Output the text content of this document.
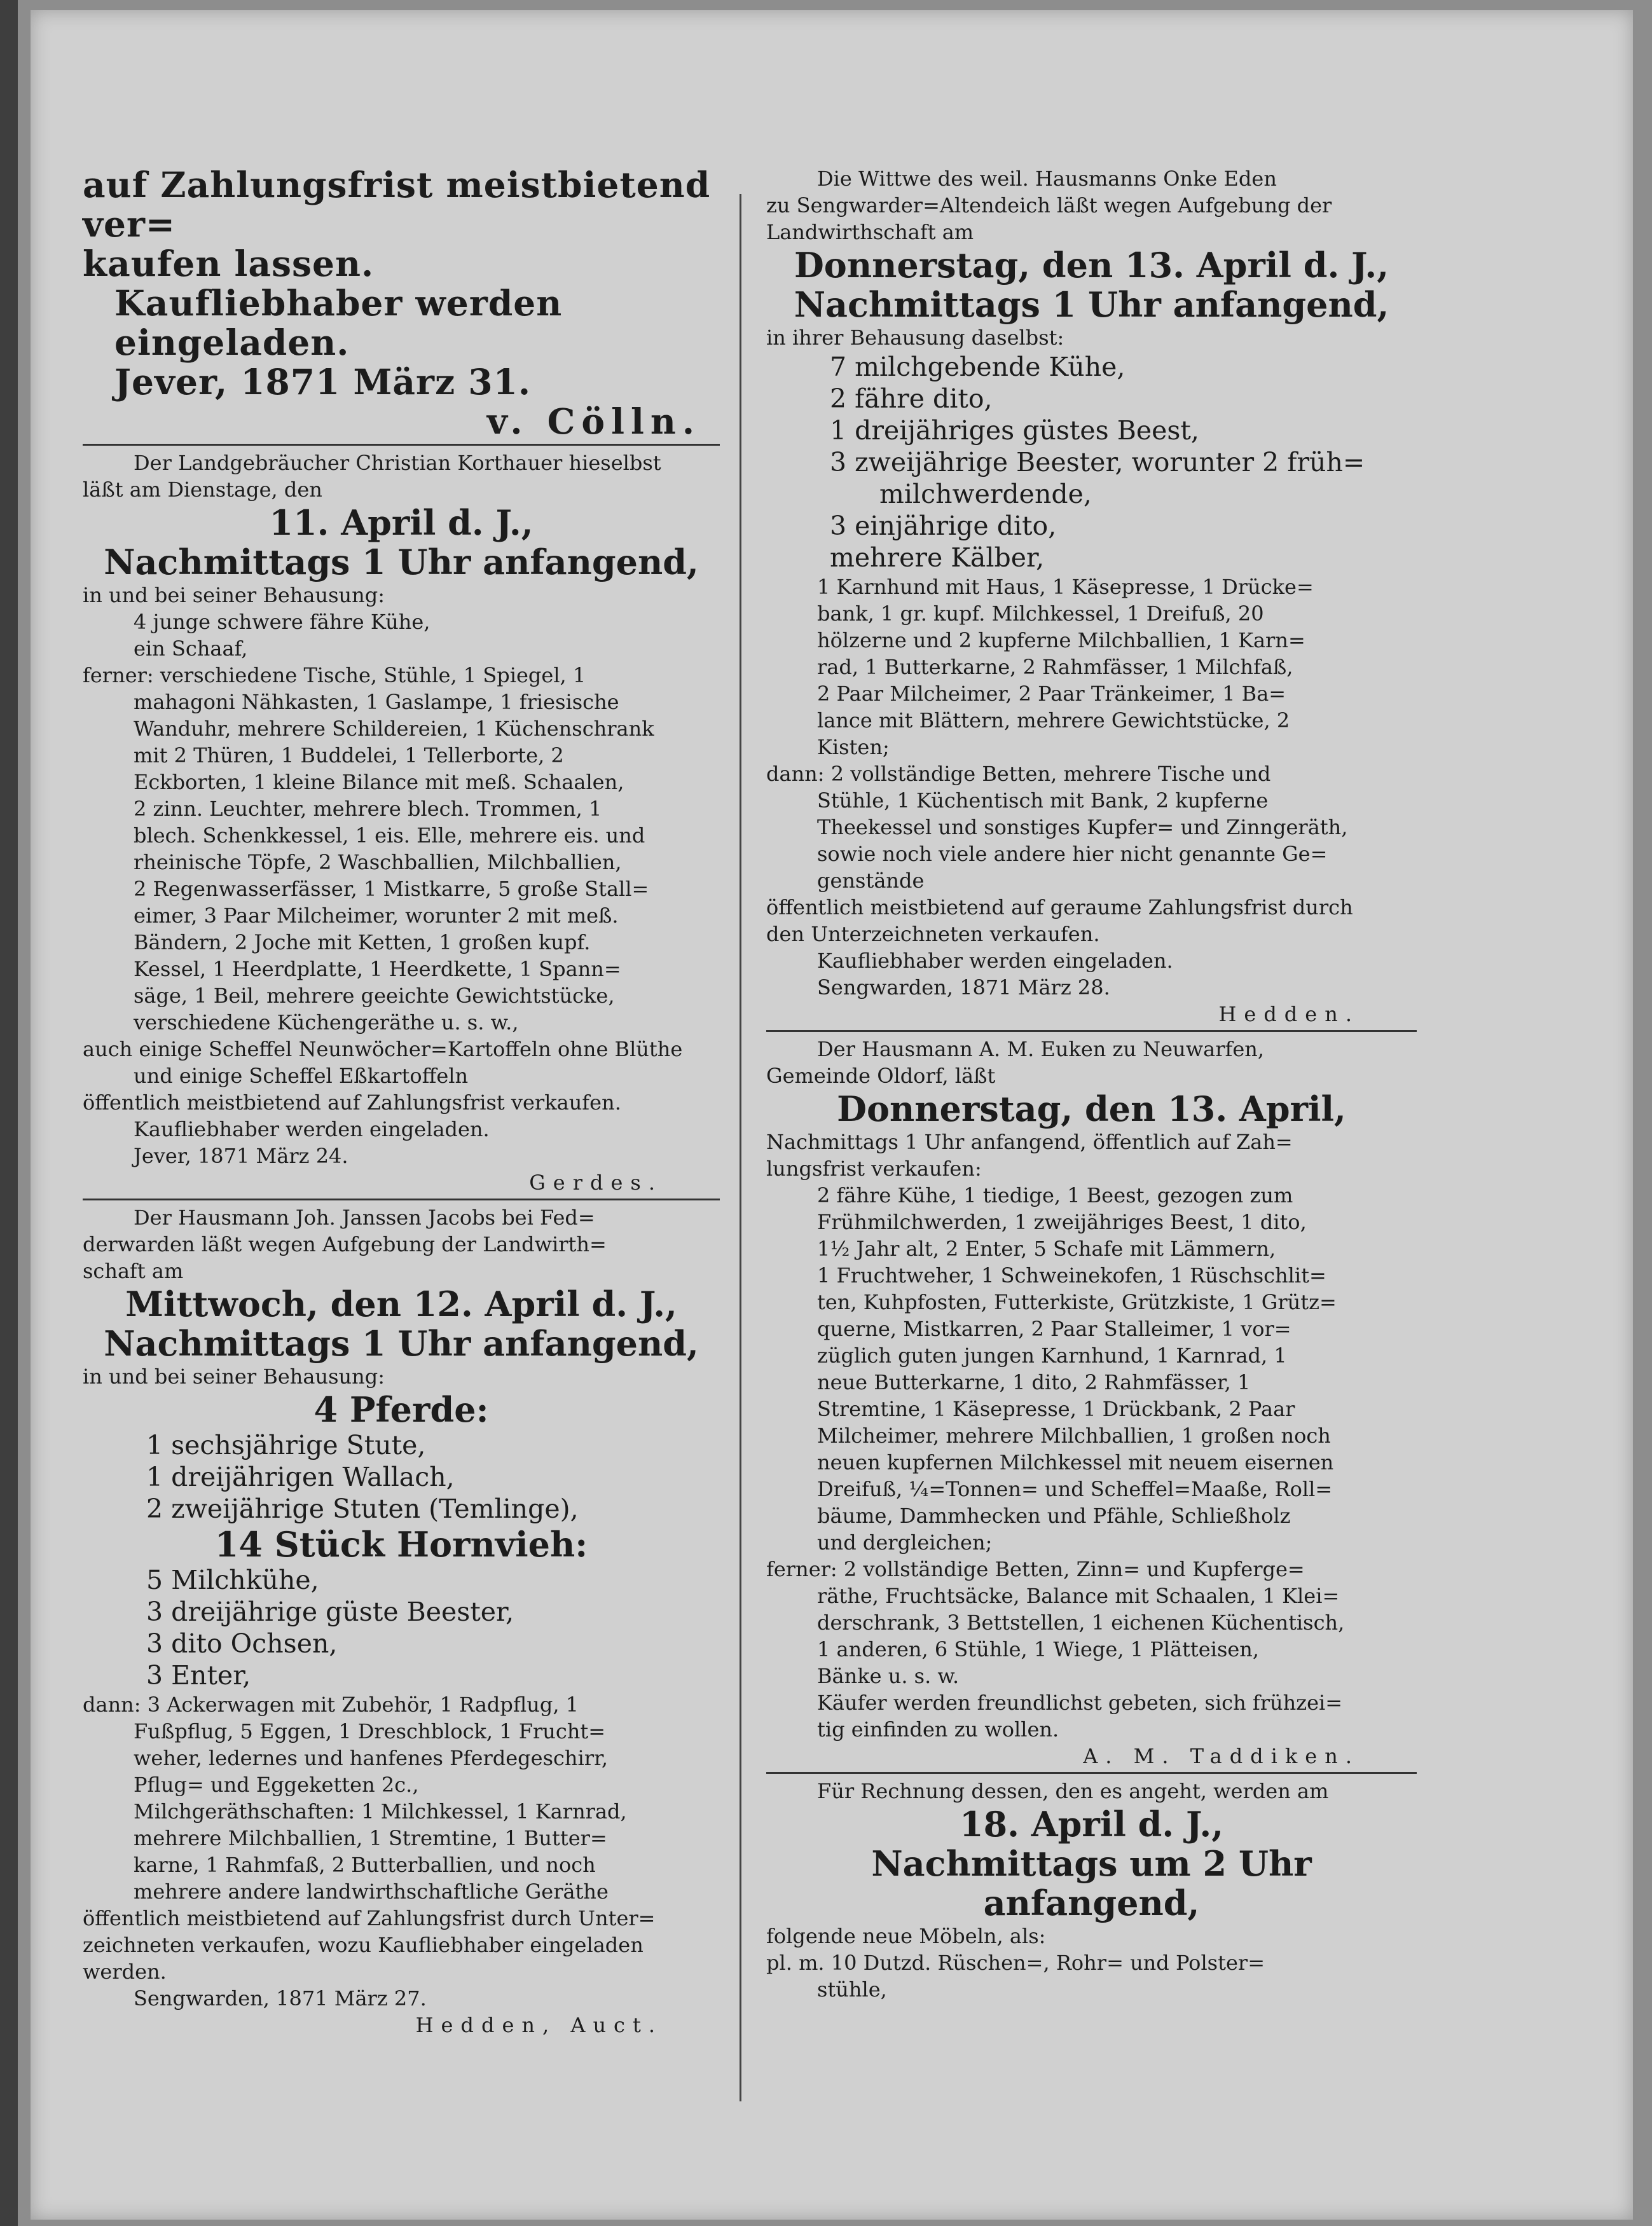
auf Zahlungsfrist meistbietend ver=
kaufen lassen.
Kaufliebhaber werden eingeladen.
Jever, 1871 März 31.
v. Cölln.
Der Landgebräucher Christian Korthauer hieselbst
läßt am Dienstage, den
11. April d. J.,
Nachmittags 1 Uhr anfangend,
in und bei seiner Behausung:
4 junge schwere fähre Kühe,
ein Schaaf,
ferner: verschiedene Tische, Stühle, 1 Spiegel, 1
mahagoni Nähkasten, 1 Gaslampe, 1 friesische
Wanduhr, mehrere Schildereien, 1 Küchenschrank
mit 2 Thüren, 1 Buddelei, 1 Tellerborte, 2
Eckborten, 1 kleine Bilance mit meß. Schaalen,
2 zinn. Leuchter, mehrere blech. Trommen, 1
blech. Schenkkessel, 1 eis. Elle, mehrere eis. und
rheinische Töpfe, 2 Waschballien, Milchballien,
2 Regenwasserfässer, 1 Mistkarre, 5 große Stall=
eimer, 3 Paar Milcheimer, worunter 2 mit meß.
Bändern, 2 Joche mit Ketten, 1 großen kupf.
Kessel, 1 Heerdplatte, 1 Heerdkette, 1 Spann=
säge, 1 Beil, mehrere geeichte Gewichtstücke,
verschiedene Küchengeräthe u. s. w.,
auch einige Scheffel Neunwöcher=Kartoffeln ohne Blüthe
und einige Scheffel Eßkartoffeln
öffentlich meistbietend auf Zahlungsfrist verkaufen.
Kaufliebhaber werden eingeladen.
Jever, 1871 März 24.
Gerdes.
Der Hausmann Joh. Janssen Jacobs bei Fed=
derwarden läßt wegen Aufgebung der Landwirth=
schaft am
Mittwoch, den 12. April d. J.,
Nachmittags 1 Uhr anfangend,
in und bei seiner Behausung:
4 Pferde:
1 sechsjährige Stute,
1 dreijährigen Wallach,
2 zweijährige Stuten (Temlinge),
14 Stück Hornvieh:
5 Milchkühe,
3 dreijährige güste Beester,
3 dito Ochsen,
3 Enter,
dann: 3 Ackerwagen mit Zubehör, 1 Radpflug, 1
Fußpflug, 5 Eggen, 1 Dreschblock, 1 Frucht=
weher, ledernes und hanfenes Pferdegeschirr,
Pflug= und Eggeketten 2c.,
Milchgeräthschaften: 1 Milchkessel, 1 Karnrad,
mehrere Milchballien, 1 Stremtine, 1 Butter=
karne, 1 Rahmfaß, 2 Butterballien, und noch
mehrere andere landwirthschaftliche Geräthe
öffentlich meistbietend auf Zahlungsfrist durch Unter=
zeichneten verkaufen, wozu Kaufliebhaber eingeladen
werden.
Sengwarden, 1871 März 27.
Hedden, Auct.
Die Wittwe des weil. Hausmanns Onke Eden
zu Sengwarder=Altendeich läßt wegen Aufgebung der
Landwirthschaft am
Donnerstag, den 13. April d. J.,
Nachmittags 1 Uhr anfangend,
in ihrer Behausung daselbst:
7 milchgebende Kühe,
2 fähre dito,
1 dreijähriges güstes Beest,
3 zweijährige Beester, worunter 2 früh=
milchwerdende,
3 einjährige dito,
mehrere Kälber,
1 Karnhund mit Haus, 1 Käsepresse, 1 Drücke=
bank, 1 gr. kupf. Milchkessel, 1 Dreifuß, 20
hölzerne und 2 kupferne Milchballien, 1 Karn=
rad, 1 Butterkarne, 2 Rahmfässer, 1 Milchfaß,
2 Paar Milcheimer, 2 Paar Tränkeimer, 1 Ba=
lance mit Blättern, mehrere Gewichtstücke, 2
Kisten;
dann: 2 vollständige Betten, mehrere Tische und
Stühle, 1 Küchentisch mit Bank, 2 kupferne
Theekessel und sonstiges Kupfer= und Zinngeräth,
sowie noch viele andere hier nicht genannte Ge=
genstände
öffentlich meistbietend auf geraume Zahlungsfrist durch
den Unterzeichneten verkaufen.
Kaufliebhaber werden eingeladen.
Sengwarden, 1871 März 28.
Hedden.
Der Hausmann A. M. Euken zu Neuwarfen,
Gemeinde Oldorf, läßt
Donnerstag, den 13. April,
Nachmittags 1 Uhr anfangend, öffentlich auf Zah=
lungsfrist verkaufen:
2 fähre Kühe, 1 tiedige, 1 Beest, gezogen zum
Frühmilchwerden, 1 zweijähriges Beest, 1 dito,
1½ Jahr alt, 2 Enter, 5 Schafe mit Lämmern,
1 Fruchtweher, 1 Schweinekofen, 1 Rüschschlit=
ten, Kuhpfosten, Futterkiste, Grützkiste, 1 Grütz=
querne, Mistkarren, 2 Paar Stalleimer, 1 vor=
züglich guten jungen Karnhund, 1 Karnrad, 1
neue Butterkarne, 1 dito, 2 Rahmfässer, 1
Stremtine, 1 Käsepresse, 1 Drückbank, 2 Paar
Milcheimer, mehrere Milchballien, 1 großen noch
neuen kupfernen Milchkessel mit neuem eisernen
Dreifuß, ¼=Tonnen= und Scheffel=Maaße, Roll=
bäume, Dammhecken und Pfähle, Schließholz
und dergleichen;
ferner: 2 vollständige Betten, Zinn= und Kupferge=
räthe, Fruchtsäcke, Balance mit Schaalen, 1 Klei=
derschrank, 3 Bettstellen, 1 eichenen Küchentisch,
1 anderen, 6 Stühle, 1 Wiege, 1 Plätteisen,
Bänke u. s. w.
Käufer werden freundlichst gebeten, sich frühzei=
tig einfinden zu wollen.
A. M. Taddiken.
Für Rechnung dessen, den es angeht, werden am
18. April d. J.,
Nachmittags um 2 Uhr anfangend,
folgende neue Möbeln, als:
pl. m. 10 Dutzd. Rüschen=, Rohr= und Polster=
stühle,
